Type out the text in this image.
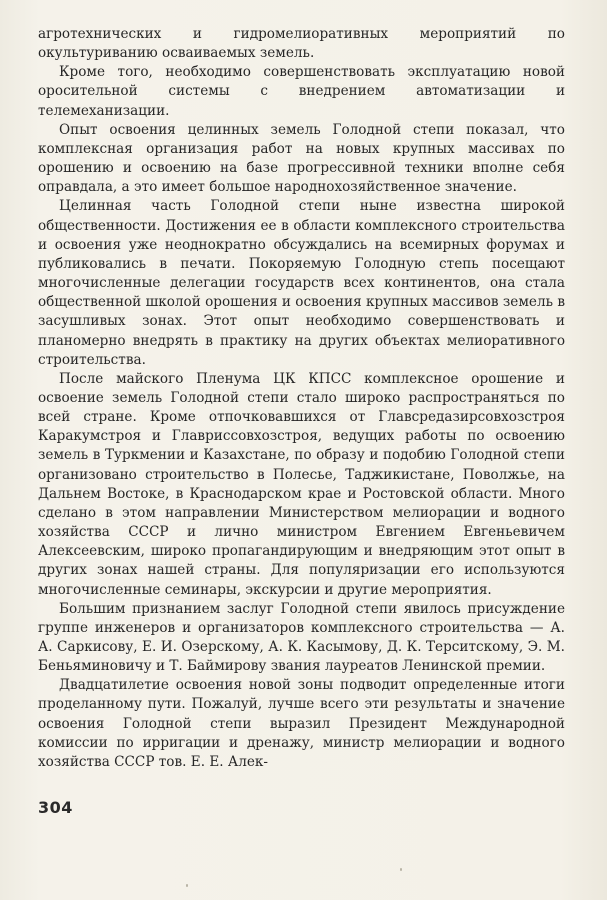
агротехнических и гидромелиоративных мероприятий по окультуриванию осваиваемых земель.

Кроме того, необходимо совершенствовать эксплуатацию новой оросительной системы с внедрением автоматизации и телемеханизации.

Опыт освоения целинных земель Голодной степи показал, что комплексная организация работ на новых крупных массивах по орошению и освоению на базе прогрессивной техники вполне себя оправдала, а это имеет большое народнохозяйственное значение.

Целинная часть Голодной степи ныне известна широкой общественности. Достижения ее в области комплексного строительства и освоения уже неоднократно обсуждались на всемирных форумах и публиковались в печати. Покоряемую Голодную степь посещают многочисленные делегации государств всех континентов, она стала общественной школой орошения и освоения крупных массивов земель в засушливых зонах. Этот опыт необходимо совершенствовать и планомерно внедрять в практику на других объектах мелиоративного строительства.

После майского Пленума ЦК КПСС комплексное орошение и освоение земель Голодной степи стало широко распространяться по всей стране. Кроме отпочковавшихся от Главсредазирсовхозстроя Каракумстроя и Главриссовхозстроя, ведущих работы по освоению земель в Туркмении и Казахстане, по образу и подобию Голодной степи организовано строительство в Полесье, Таджикистане, Поволжье, на Дальнем Востоке, в Краснодарском крае и Ростовской области. Много сделано в этом направлении Министерством мелиорации и водного хозяйства СССР и лично министром Евгением Евгеньевичем Алексеевским, широко пропагандирующим и внедряющим этот опыт в других зонах нашей страны. Для популяризации его используются многочисленные семинары, экскурсии и другие мероприятия.

Большим признанием заслуг Голодной степи явилось присуждение группе инженеров и организаторов комплексного строительства — А. А. Саркисову, Е. И. Озерскому, А. К. Касымову, Д. К. Терситскому, Э. М. Беньяминовичу и Т. Баймирову звания лауреатов Ленинской премии.

Двадцатилетие освоения новой зоны подводит определенные итоги проделанному пути. Пожалуй, лучше всего эти результаты и значение освоения Голодной степи выразил Президент Международной комиссии по ирригации и дренажу, министр мелиорации и водного хозяйства СССР тов. Е. Е. Алек-

304
